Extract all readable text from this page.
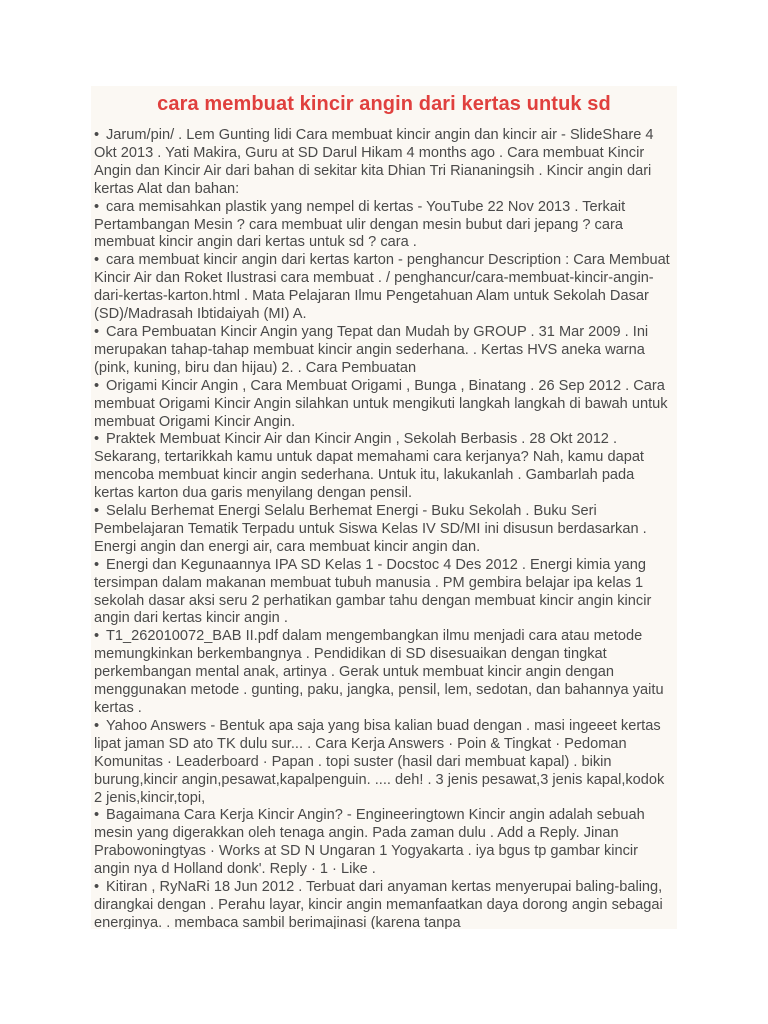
cara membuat kincir angin dari kertas untuk sd

• Jarum/pin/ . Lem Gunting lidi Cara membuat kincir angin dan kincir air - SlideShare 4 Okt 2013 . Yati Makira, Guru at SD Darul Hikam 4 months ago . Cara membuat Kincir Angin dan Kincir Air dari bahan di sekitar kita Dhian Tri Riananingsih . Kincir angin dari kertas Alat dan bahan:

• cara memisahkan plastik yang nempel di kertas - YouTube 22 Nov 2013 . Terkait Pertambangan Mesin ? cara membuat ulir dengan mesin bubut dari jepang ? cara membuat kincir angin dari kertas untuk sd ? cara .

• cara membuat kincir angin dari kertas karton - penghancur Description : Cara Membuat Kincir Air dan Roket Ilustrasi cara membuat . / penghancur/cara-membuat-kincir-angin-dari-kertas-karton.html . Mata Pelajaran Ilmu Pengetahuan Alam untuk Sekolah Dasar (SD)/Madrasah Ibtidaiyah (MI) A.

• Cara Pembuatan Kincir Angin yang Tepat dan Mudah by GROUP . 31 Mar 2009 . Ini merupakan tahap-tahap membuat kincir angin sederhana. . Kertas HVS aneka warna (pink, kuning, biru dan hijau) 2. . Cara Pembuatan

• Origami Kincir Angin , Cara Membuat Origami , Bunga , Binatang . 26 Sep 2012 . Cara membuat Origami Kincir Angin silahkan untuk mengikuti langkah langkah di bawah untuk membuat Origami Kincir Angin.

• Praktek Membuat Kincir Air dan Kincir Angin , Sekolah Berbasis . 28 Okt 2012 . Sekarang, tertarikkah kamu untuk dapat memahami cara kerjanya? Nah, kamu dapat mencoba membuat kincir angin sederhana. Untuk itu, lakukanlah . Gambarlah pada kertas karton dua garis menyilang dengan pensil.

• Selalu Berhemat Energi Selalu Berhemat Energi - Buku Sekolah . Buku Seri Pembelajaran Tematik Terpadu untuk Siswa Kelas IV SD/MI ini disusun berdasarkan . Energi angin dan energi air, cara membuat kincir angin dan.

• Energi dan Kegunaannya IPA SD Kelas 1 - Docstoc 4 Des 2012 . Energi kimia yang tersimpan dalam makanan membuat tubuh manusia . PM gembira belajar ipa kelas 1 sekolah dasar aksi seru 2 perhatikan gambar tahu dengan membuat kincir angin kincir angin dari kertas kincir angin .

• T1_262010072_BAB II.pdf dalam mengembangkan ilmu menjadi cara atau metode memungkinkan berkembangnya . Pendidikan di SD disesuaikan dengan tingkat perkembangan mental anak, artinya . Gerak untuk membuat kincir angin dengan menggunakan metode . gunting, paku, jangka, pensil, lem, sedotan, dan bahannya yaitu kertas .

• Yahoo Answers - Bentuk apa saja yang bisa kalian buad dengan . masi ingeeet kertas lipat jaman SD ato TK dulu sur... . Cara Kerja Answers · Poin & Tingkat · Pedoman Komunitas · Leaderboard · Papan . topi suster (hasil dari membuat kapal) . bikin burung,kincir angin,pesawat,kapalpenguin. .... deh! . 3 jenis pesawat,3 jenis kapal,kodok 2 jenis,kincir,topi,

• Bagaimana Cara Kerja Kincir Angin? - Engineeringtown Kincir angin adalah sebuah mesin yang digerakkan oleh tenaga angin. Pada zaman dulu . Add a Reply. Jinan Prabowoningtyas · Works at SD N Ungaran 1 Yogyakarta . iya bgus tp gambar kincir angin nya d Holland donk'. Reply · 1 · Like .

• Kitiran , RyNaRi 18 Jun 2012 . Terbuat dari anyaman kertas menyerupai baling-baling, dirangkai dengan . Perahu layar, kincir angin memanfaatkan daya dorong angin sebagai energinya. . membaca sambil berimajinasi (karena tanpa
